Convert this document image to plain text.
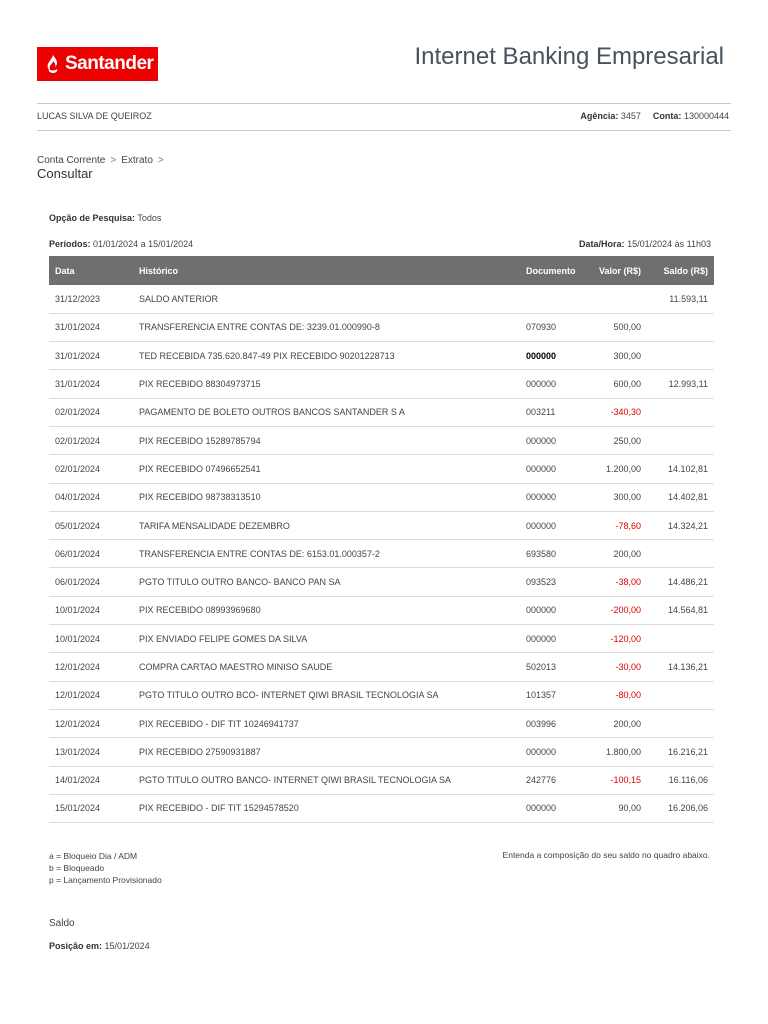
Santander	Internet Banking Empresarial
LUCAS SILVA DE QUEIROZ	Agência: 3457 Conta: 130000444
Conta Corrente > Extrato >
Consultar
Opção de Pesquisa: Todos
Períodos: 01/01/2024 a 15/01/2024	Data/Hora: 15/01/2024 às 11h03
Data	Histórico	Documento	Valor (R$)	Saldo (R$)
31/12/2023	SALDO ANTERIOR			11.593,11
31/01/2024	TRANSFERENCIA ENTRE CONTAS DE: 3239.01.000990-8	070930	500,00	
31/01/2024	TED RECEBIDA 735.620.847-49 PIX RECEBIDO 90201228713	000000	300,00	
31/01/2024	PIX RECEBIDO 88304973715	000000	600,00	12.993,11
02/01/2024	PAGAMENTO DE BOLETO OUTROS BANCOS SANTANDER S A	003211	-340,30	
02/01/2024	PIX RECEBIDO 15289785794	000000	250,00	
02/01/2024	PIX RECEBIDO 07496652541	000000	1.200,00	14.102,81
04/01/2024	PIX RECEBIDO 98738313510	000000	300,00	14.402,81
05/01/2024	TARIFA MENSALIDADE DEZEMBRO	000000	-78,60	14.324,21
06/01/2024	TRANSFERENCIA ENTRE CONTAS DE: 6153.01.000357-2	693580	200,00	
06/01/2024	PGTO TITULO OUTRO BANCO- BANCO PAN SA	093523	-38,00	14.486,21
10/01/2024	PIX RECEBIDO 08993969680	000000	-200,00	14.564,81
10/01/2024	PIX ENVIADO FELIPE GOMES DA SILVA	000000	-120,00	
12/01/2024	COMPRA CARTAO MAESTRO MINISO SAUDE	502013	-30,00	14.136,21
12/01/2024	PGTO TITULO OUTRO BCO- INTERNET QIWI BRASIL TECNOLOGIA SA	101357	-80,00	
12/01/2024	PIX RECEBIDO - DIF TIT 10246941737	003996	200,00	
13/01/2024	PIX RECEBIDO 27590931887	000000	1.800,00	16.216,21
14/01/2024	PGTO TITULO OUTRO BANCO- INTERNET QIWI BRASIL TECNOLOGIA SA	242776	-100,15	16.116,06
15/01/2024	PIX RECEBIDO - DIF TIT 15294578520	000000	90,00	16.206,06
a = Bloqueio Dia / ADM
b = Bloqueado
p = Lançamento Provisionado
Entenda a composição do seu saldo no quadro abaixo.
Saldo
Posição em: 15/01/2024
